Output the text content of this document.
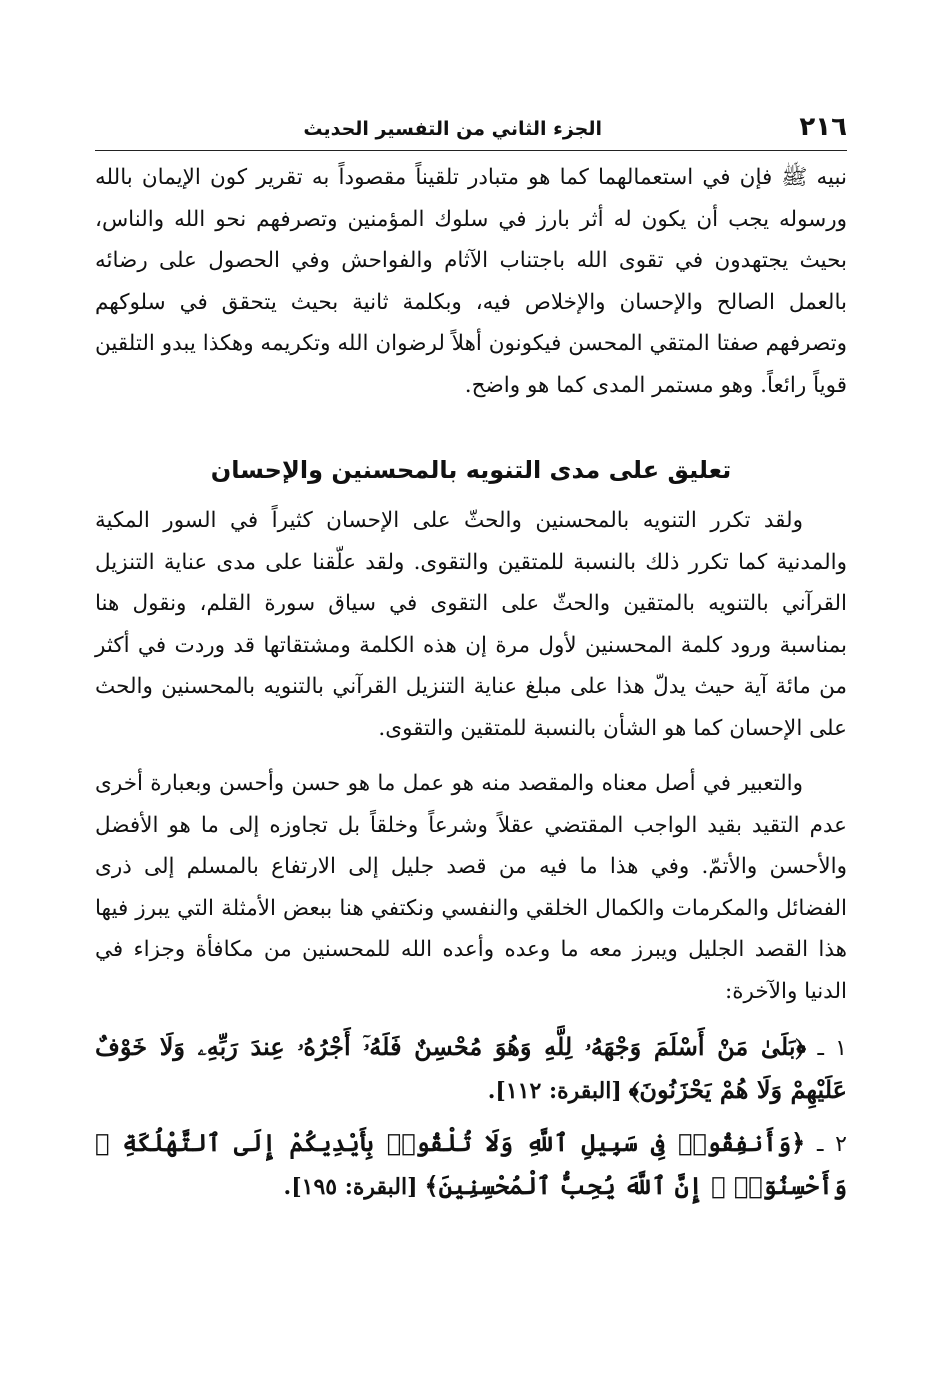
٢١٦
الجزء الثاني من التفسير الحديث

نبيه ﷺ فإن في استعمالهما كما هو متبادر تلقيناً مقصوداً به تقرير كون الإيمان بالله ورسوله يجب أن يكون له أثر بارز في سلوك المؤمنين وتصرفهم نحو الله والناس، بحيث يجتهدون في تقوى الله باجتناب الآثام والفواحش وفي الحصول على رضائه بالعمل الصالح والإحسان والإخلاص فيه، وبكلمة ثانية بحيث يتحقق في سلوكهم وتصرفهم صفتا المتقي المحسن فيكونون أهلاً لرضوان الله وتكريمه وهكذا يبدو التلقين قوياً رائعاً. وهو مستمر المدى كما هو واضح.

تعليق على مدى التنويه بالمحسنين والإحسان

ولقد تكرر التنويه بالمحسنين والحثّ على الإحسان كثيراً في السور المكية والمدنية كما تكرر ذلك بالنسبة للمتقين والتقوى. ولقد علّقنا على مدى عناية التنزيل القرآني بالتنويه بالمتقين والحثّ على التقوى في سياق سورة القلم، ونقول هنا بمناسبة ورود كلمة المحسنين لأول مرة إن هذه الكلمة ومشتقاتها قد وردت في أكثر من مائة آية حيث يدلّ هذا على مبلغ عناية التنزيل القرآني بالتنويه بالمحسنين والحث على الإحسان كما هو الشأن بالنسبة للمتقين والتقوى.

والتعبير في أصل معناه والمقصد منه هو عمل ما هو حسن وأحسن وبعبارة أخرى عدم التقيد بقيد الواجب المقتضي عقلاً وشرعاً وخلقاً بل تجاوزه إلى ما هو الأفضل والأحسن والأتمّ. وفي هذا ما فيه من قصد جليل إلى الارتفاع بالمسلم إلى ذرى الفضائل والمكرمات والكمال الخلقي والنفسي ونكتفي هنا ببعض الأمثلة التي يبرز فيها هذا القصد الجليل ويبرز معه ما وعده وأعده الله للمحسنين من مكافأة وجزاء في الدنيا والآخرة:

١ ـ ﴿بَلَىٰ مَنْ أَسْلَمَ وَجْهَهُۥ لِلَّهِ وَهُوَ مُحْسِنٌ فَلَهُۥٓ أَجْرُهُۥ عِندَ رَبِّهِۦ وَلَا خَوْفٌ عَلَيْهِمْ وَلَا هُمْ يَحْزَنُونَ﴾ [البقرة: ١١٢].

٢ ـ ﴿وَأَنفِقُوا۟ فِى سَبِيلِ ٱللَّهِ وَلَا تُلْقُوا۟ بِأَيْدِيكُمْ إِلَى ٱلتَّهْلُكَةِ ۛ وَأَحْسِنُوٓا۟ ۛ إِنَّ ٱللَّهَ يُحِبُّ ٱلْمُحْسِنِينَ﴾ [البقرة: ١٩٥].
